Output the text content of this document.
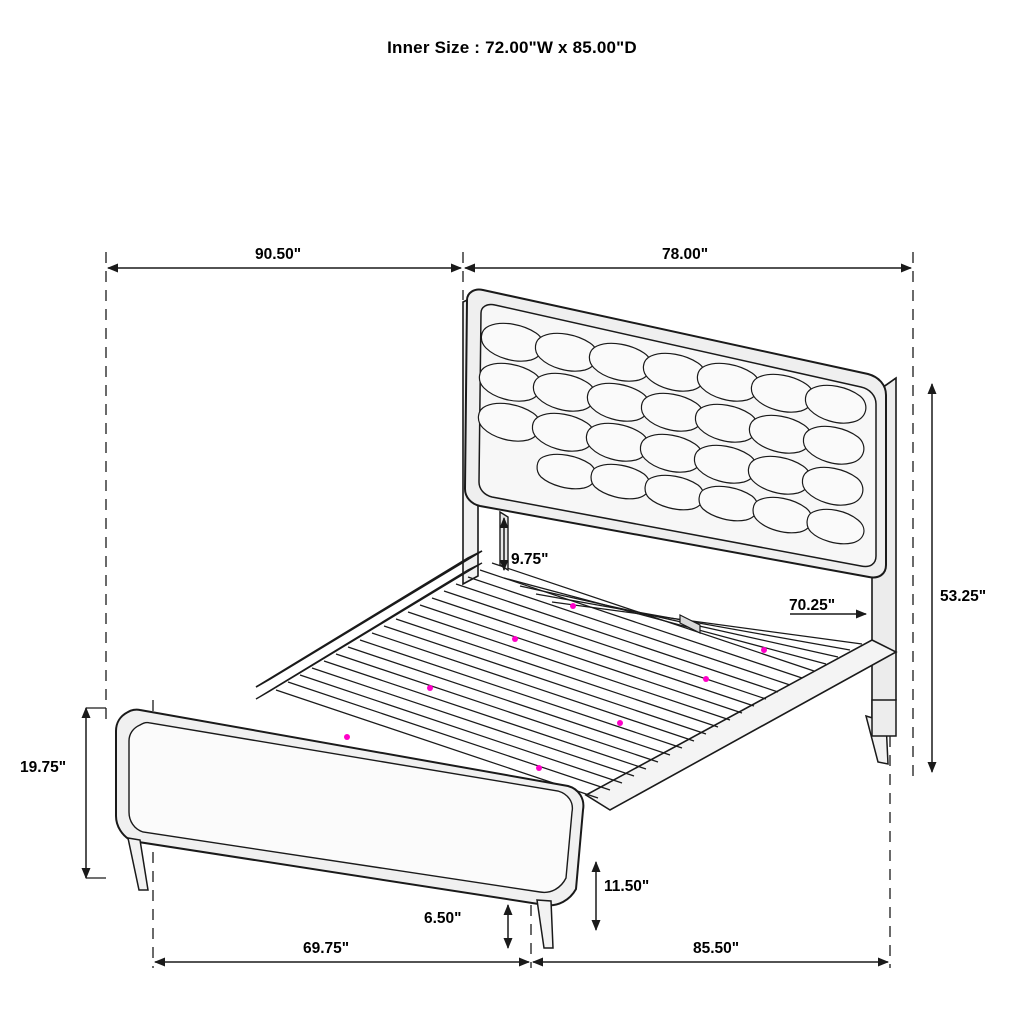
Inner Size : 72.00"W x 85.00"D
90.50"	78.00"
53.25"
9.75"
70.25"
19.75"
11.50"
6.50"
69.75"	85.50"
